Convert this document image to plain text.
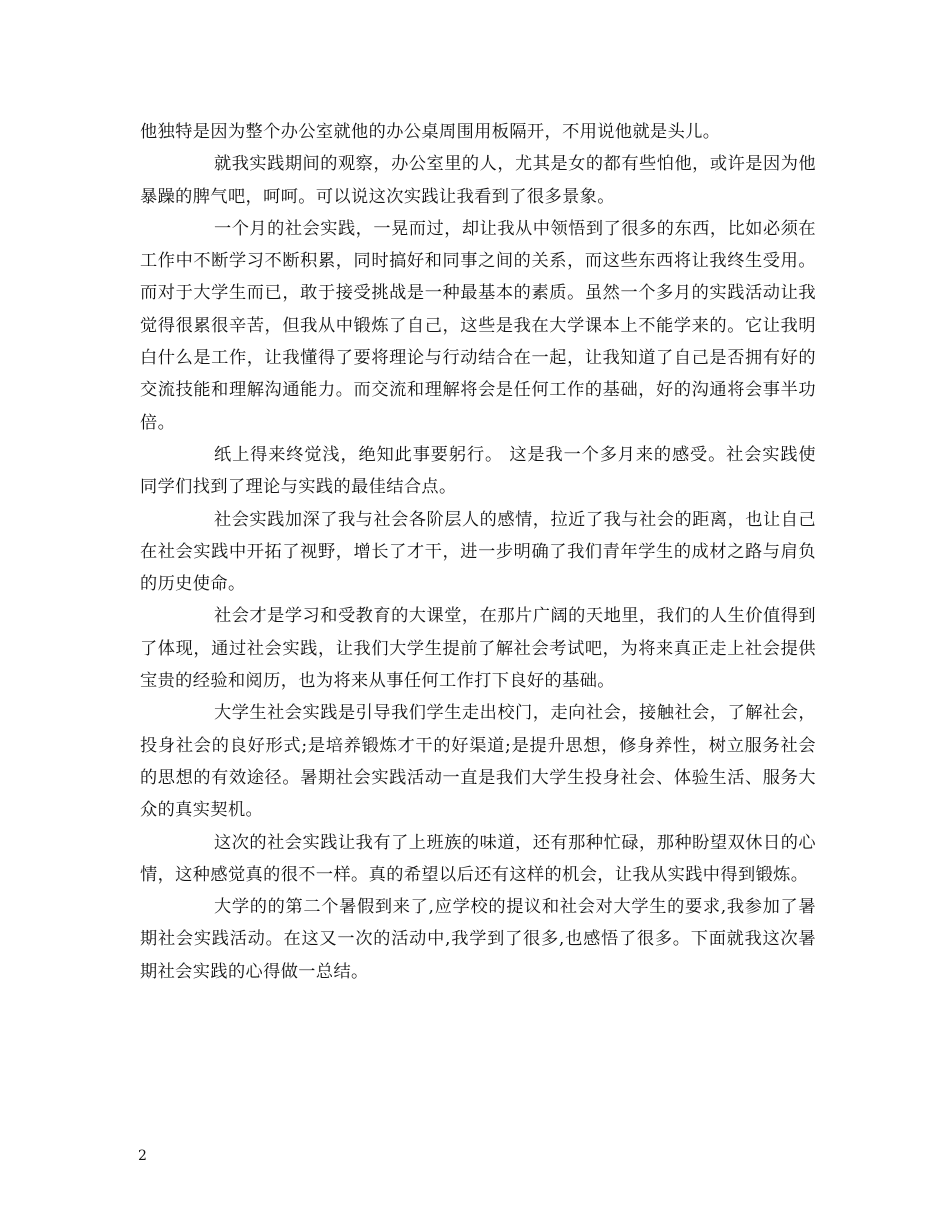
他独特是因为整个办公室就他的办公桌周围用板隔开，不用说他就是头儿。

就我实践期间的观察，办公室里的人，尤其是女的都有些怕他，或许是因为他暴躁的脾气吧，呵呵。可以说这次实践让我看到了很多景象。

一个月的社会实践，一晃而过，却让我从中领悟到了很多的东西，比如必须在工作中不断学习不断积累，同时搞好和同事之间的关系，而这些东西将让我终生受用。而对于大学生而已，敢于接受挑战是一种最基本的素质。虽然一个多月的实践活动让我觉得很累很辛苦，但我从中锻炼了自己，这些是我在大学课本上不能学来的。它让我明白什么是工作，让我懂得了要将理论与行动结合在一起，让我知道了自己是否拥有好的交流技能和理解沟通能力。而交流和理解将会是任何工作的基础，好的沟通将会事半功倍。

纸上得来终觉浅，绝知此事要躬行。 这是我一个多月来的感受。社会实践使同学们找到了理论与实践的最佳结合点。

社会实践加深了我与社会各阶层人的感情，拉近了我与社会的距离，也让自己在社会实践中开拓了视野，增长了才干，进一步明确了我们青年学生的成材之路与肩负的历史使命。

社会才是学习和受教育的大课堂，在那片广阔的天地里，我们的人生价值得到了体现，通过社会实践，让我们大学生提前了解社会考试吧，为将来真正走上社会提供宝贵的经验和阅历，也为将来从事任何工作打下良好的基础。

大学生社会实践是引导我们学生走出校门，走向社会，接触社会，了解社会，投身社会的良好形式;是培养锻炼才干的好渠道;是提升思想，修身养性，树立服务社会的思想的有效途径。暑期社会实践活动一直是我们大学生投身社会、体验生活、服务大众的真实契机。

这次的社会实践让我有了上班族的味道，还有那种忙碌，那种盼望双休日的心情，这种感觉真的很不一样。真的希望以后还有这样的机会，让我从实践中得到锻炼。

大学的的第二个暑假到来了,应学校的提议和社会对大学生的要求,我参加了暑期社会实践活动。在这又一次的活动中,我学到了很多,也感悟了很多。下面就我这次暑期社会实践的心得做一总结。

2
